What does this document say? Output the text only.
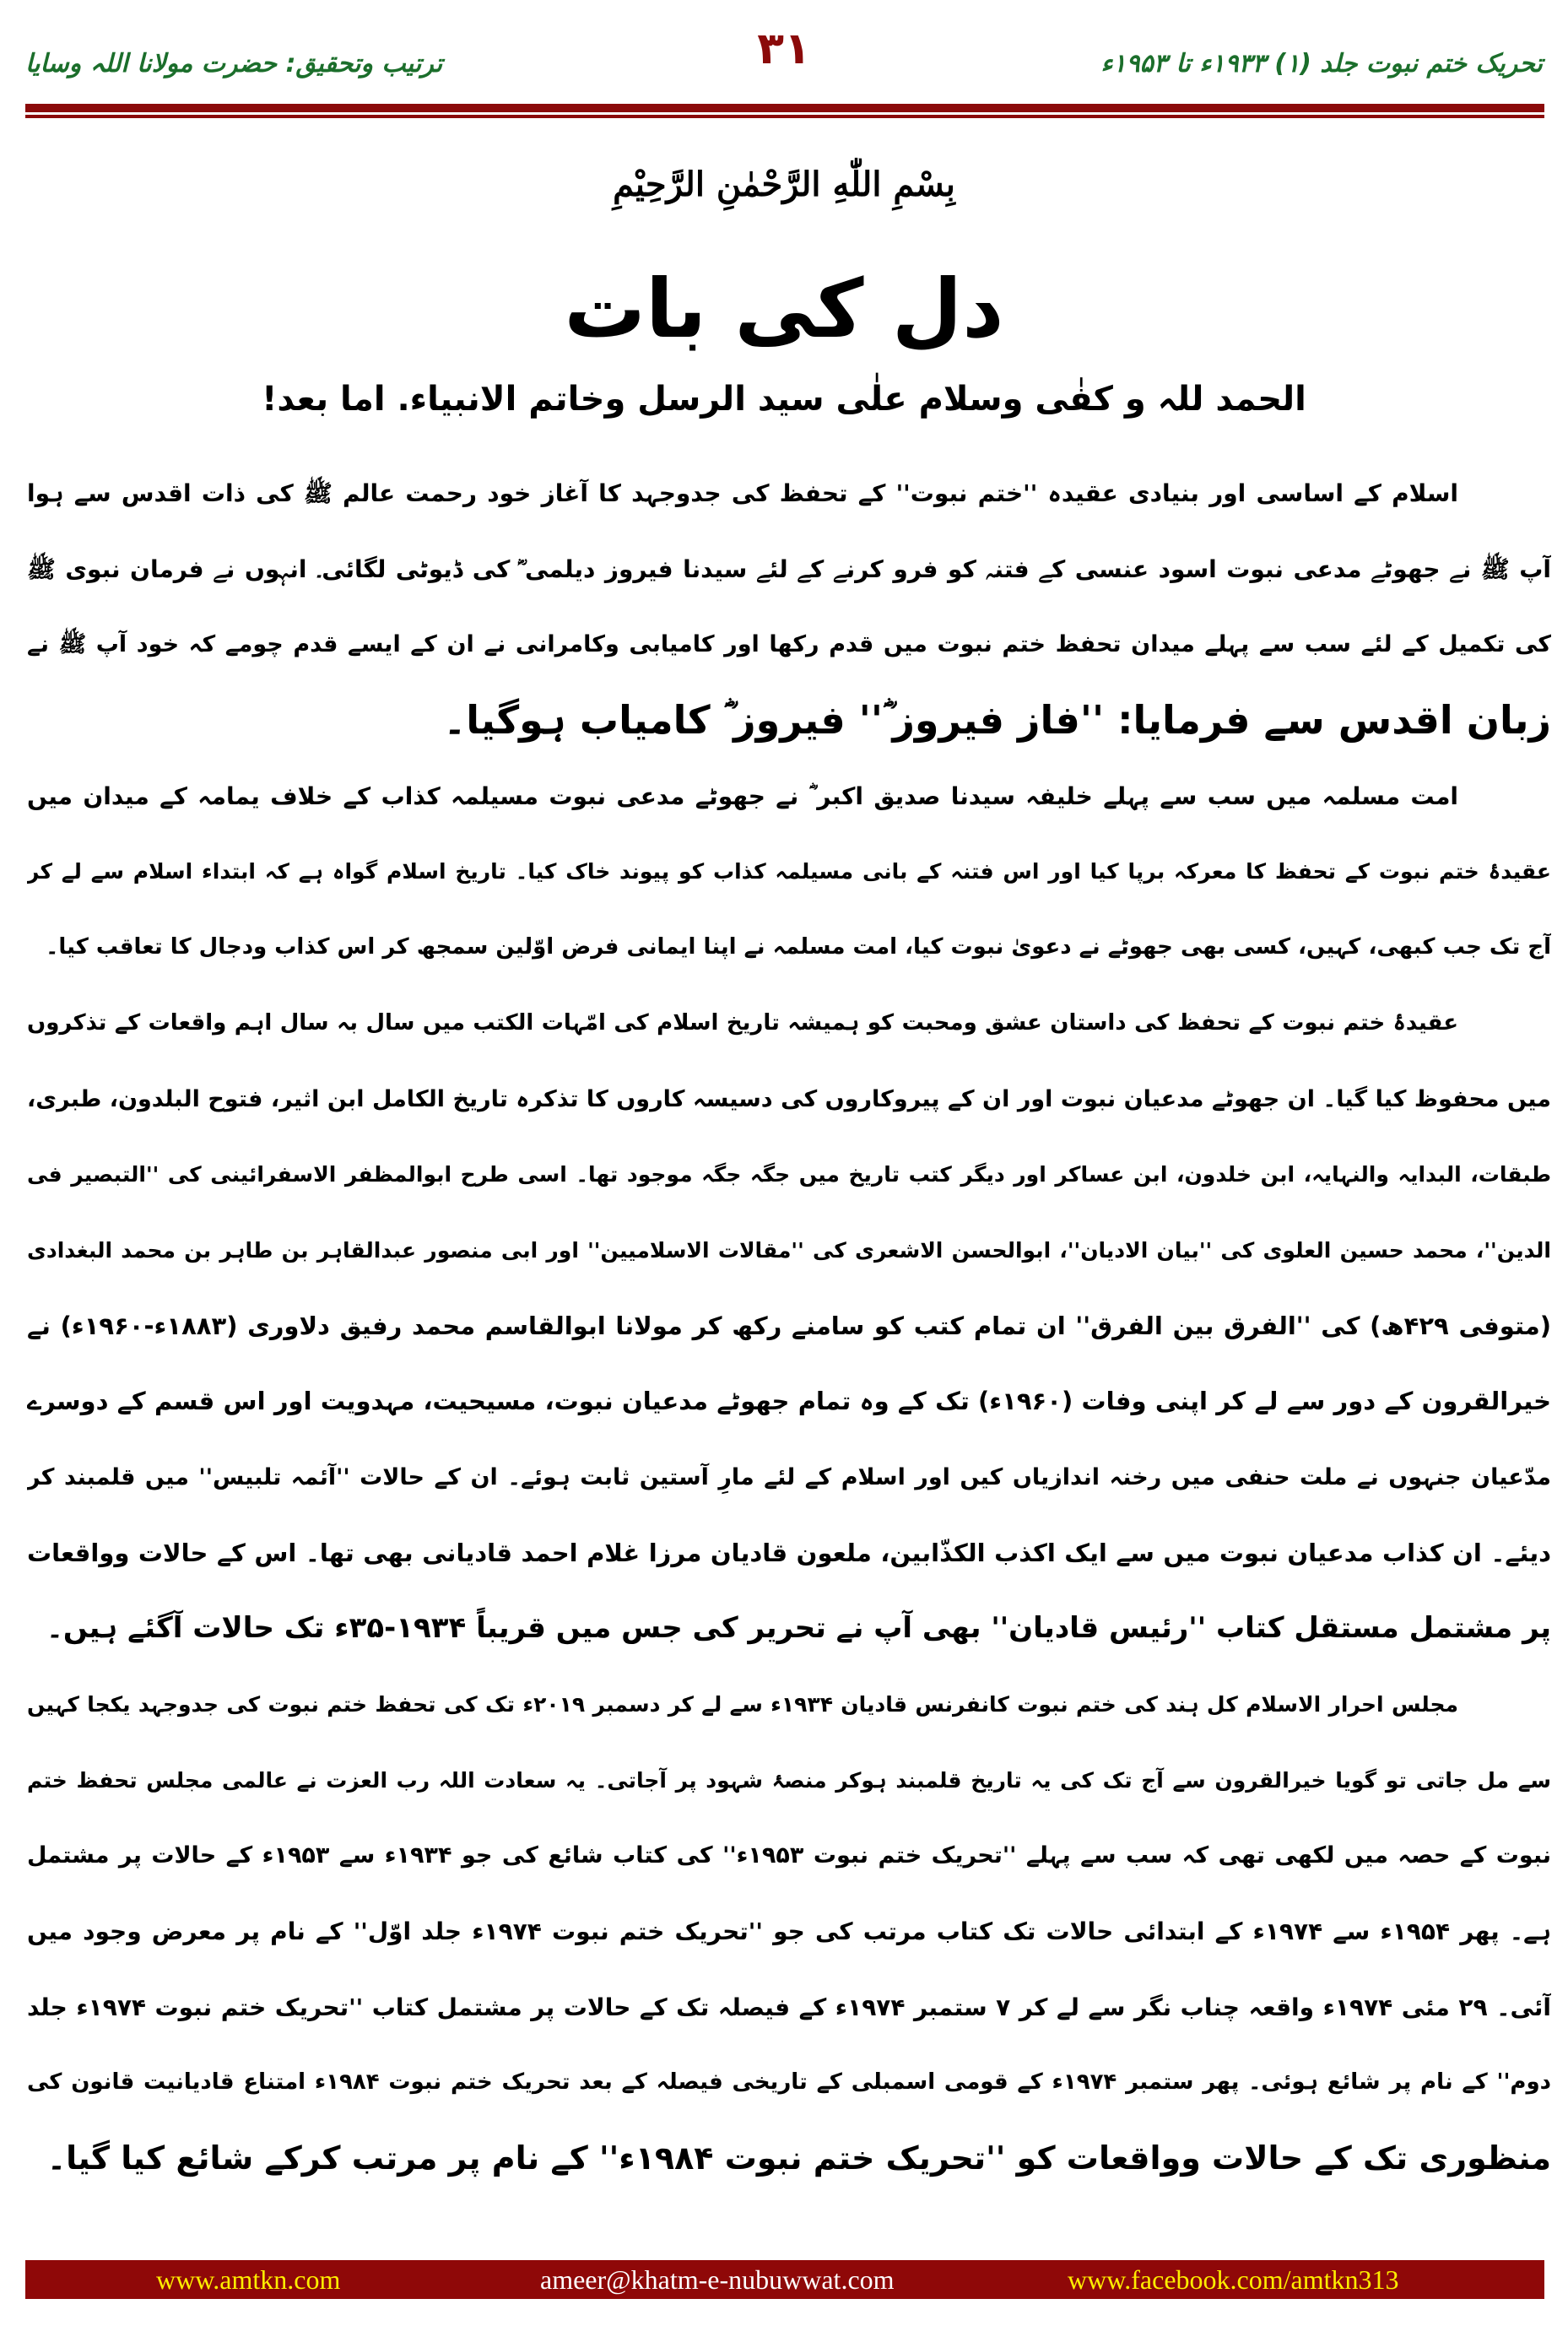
تحریک ختم نبوت جلد (۱) ۱۹۳۳ء تا ۱۹۵۳ء
۳۱
ترتیب وتحقیق: حضرت مولانا اللہ وسایا
بِسْمِ اللّٰهِ الرَّحْمٰنِ الرَّحِيْمِ
دل کی بات
الحمد للہ و کفٰی وسلام علٰی سید الرسل وخاتم الانبیاء. اما بعد!
اسلام کے اساسی اور بنیادی عقیدہ ''ختم نبوت'' کے تحفظ کی جدوجہد کا آغاز خود رحمت عالم ﷺ کی ذات اقدس سے ہوا
آپ ﷺ نے جھوٹے مدعی نبوت اسود عنسی کے فتنہ کو فرو کرنے کے لئے سیدنا فیروز دیلمی ؓ کی ڈیوٹی لگائی۔ انہوں نے فرمان نبوی ﷺ
کی تکمیل کے لئے سب سے پہلے میدان تحفظ ختم نبوت میں قدم رکھا اور کامیابی وکامرانی نے ان کے ایسے قدم چومے کہ خود آپ ﷺ نے
زبان اقدس سے فرمایا: ''فاز فیروز ؓ'' فیروز ؓ کامیاب ہوگیا۔
امت مسلمہ میں سب سے پہلے خلیفہ سیدنا صدیق اکبر ؓ نے جھوٹے مدعی نبوت مسیلمہ کذاب کے خلاف یمامہ کے میدان میں
عقیدۂ ختم نبوت کے تحفظ کا معرکہ برپا کیا اور اس فتنہ کے بانی مسیلمہ کذاب کو پیوند خاک کیا۔ تاریخ اسلام گواہ ہے کہ ابتداء اسلام سے لے کر
آج تک جب کبھی، کہیں، کسی بھی جھوٹے نے دعویٰ نبوت کیا، امت مسلمہ نے اپنا ایمانی فرض اوّلین سمجھ کر اس کذاب ودجال کا تعاقب کیا۔
عقیدۂ ختم نبوت کے تحفظ کی داستان عشق ومحبت کو ہمیشہ تاریخ اسلام کی امّہات الکتب میں سال بہ سال اہم واقعات کے تذکروں
میں محفوظ کیا گیا۔ ان جھوٹے مدعیان نبوت اور ان کے پیروکاروں کی دسیسہ کاروں کا تذکرہ تاریخ الکامل ابن اثیر، فتوح البلدون، طبری،
طبقات، البدایہ والنہایہ، ابن خلدون، ابن عساکر اور دیگر کتب تاریخ میں جگہ جگہ موجود تھا۔ اسی طرح ابوالمظفر الاسفرائینی کی ''التبصیر فی
الدین''، محمد حسین العلوی کی ''بیان الادیان''، ابوالحسن الاشعری کی ''مقالات الاسلامیین'' اور ابی منصور عبدالقاہر بن طاہر بن محمد البغدادی
(متوفی ۴۲۹ھ) کی ''الفرق بین الفرق'' ان تمام کتب کو سامنے رکھ کر مولانا ابوالقاسم محمد رفیق دلاوری (۱۸۸۳ء-۱۹۶۰ء) نے
خیرالقرون کے دور سے لے کر اپنی وفات (۱۹۶۰ء) تک کے وہ تمام جھوٹے مدعیان نبوت، مسیحیت، مہدویت اور اس قسم کے دوسرے
مدّعیان جنہوں نے ملت حنفی میں رخنہ اندازیاں کیں اور اسلام کے لئے مارِ آستین ثابت ہوئے۔ ان کے حالات ''آئمہ تلبیس'' میں قلمبند کر
دیئے۔ ان کذاب مدعیان نبوت میں سے ایک اکذب الکذّابین، ملعون قادیان مرزا غلام احمد قادیانی بھی تھا۔ اس کے حالات وواقعات
پر مشتمل مستقل کتاب ''رئیس قادیان'' بھی آپ نے تحریر کی جس میں قریباً ۱۹۳۴-۳۵ء تک حالات آگئے ہیں۔
مجلس احرار الاسلام کل ہند کی ختم نبوت کانفرنس قادیان ۱۹۳۴ء سے لے کر دسمبر ۲۰۱۹ء تک کی تحفظ ختم نبوت کی جدوجہد یکجا کہیں
سے مل جاتی تو گویا خیرالقرون سے آج تک کی یہ تاریخ قلمبند ہوکر منصۂ شہود پر آجاتی۔ یہ سعادت اللہ رب العزت نے عالمی مجلس تحفظ ختم
نبوت کے حصہ میں لکھی تھی کہ سب سے پہلے ''تحریک ختم نبوت ۱۹۵۳ء'' کی کتاب شائع کی جو ۱۹۳۴ء سے ۱۹۵۳ء کے حالات پر مشتمل
ہے۔ پھر ۱۹۵۴ء سے ۱۹۷۴ء کے ابتدائی حالات تک کتاب مرتب کی جو ''تحریک ختم نبوت ۱۹۷۴ء جلد اوّل'' کے نام پر معرض وجود میں
آئی۔ ۲۹ مئی ۱۹۷۴ء واقعہ چناب نگر سے لے کر ۷ ستمبر ۱۹۷۴ء کے فیصلہ تک کے حالات پر مشتمل کتاب ''تحریک ختم نبوت ۱۹۷۴ء جلد
دوم'' کے نام پر شائع ہوئی۔ پھر ستمبر ۱۹۷۴ء کے قومی اسمبلی کے تاریخی فیصلہ کے بعد تحریک ختم نبوت ۱۹۸۴ء امتناع قادیانیت قانون کی
منظوری تک کے حالات وواقعات کو ''تحریک ختم نبوت ۱۹۸۴ء'' کے نام پر مرتب کرکے شائع کیا گیا۔
www.amtkn.com	ameer@khatm-e-nubuwwat.com	www.facebook.com/amtkn313
